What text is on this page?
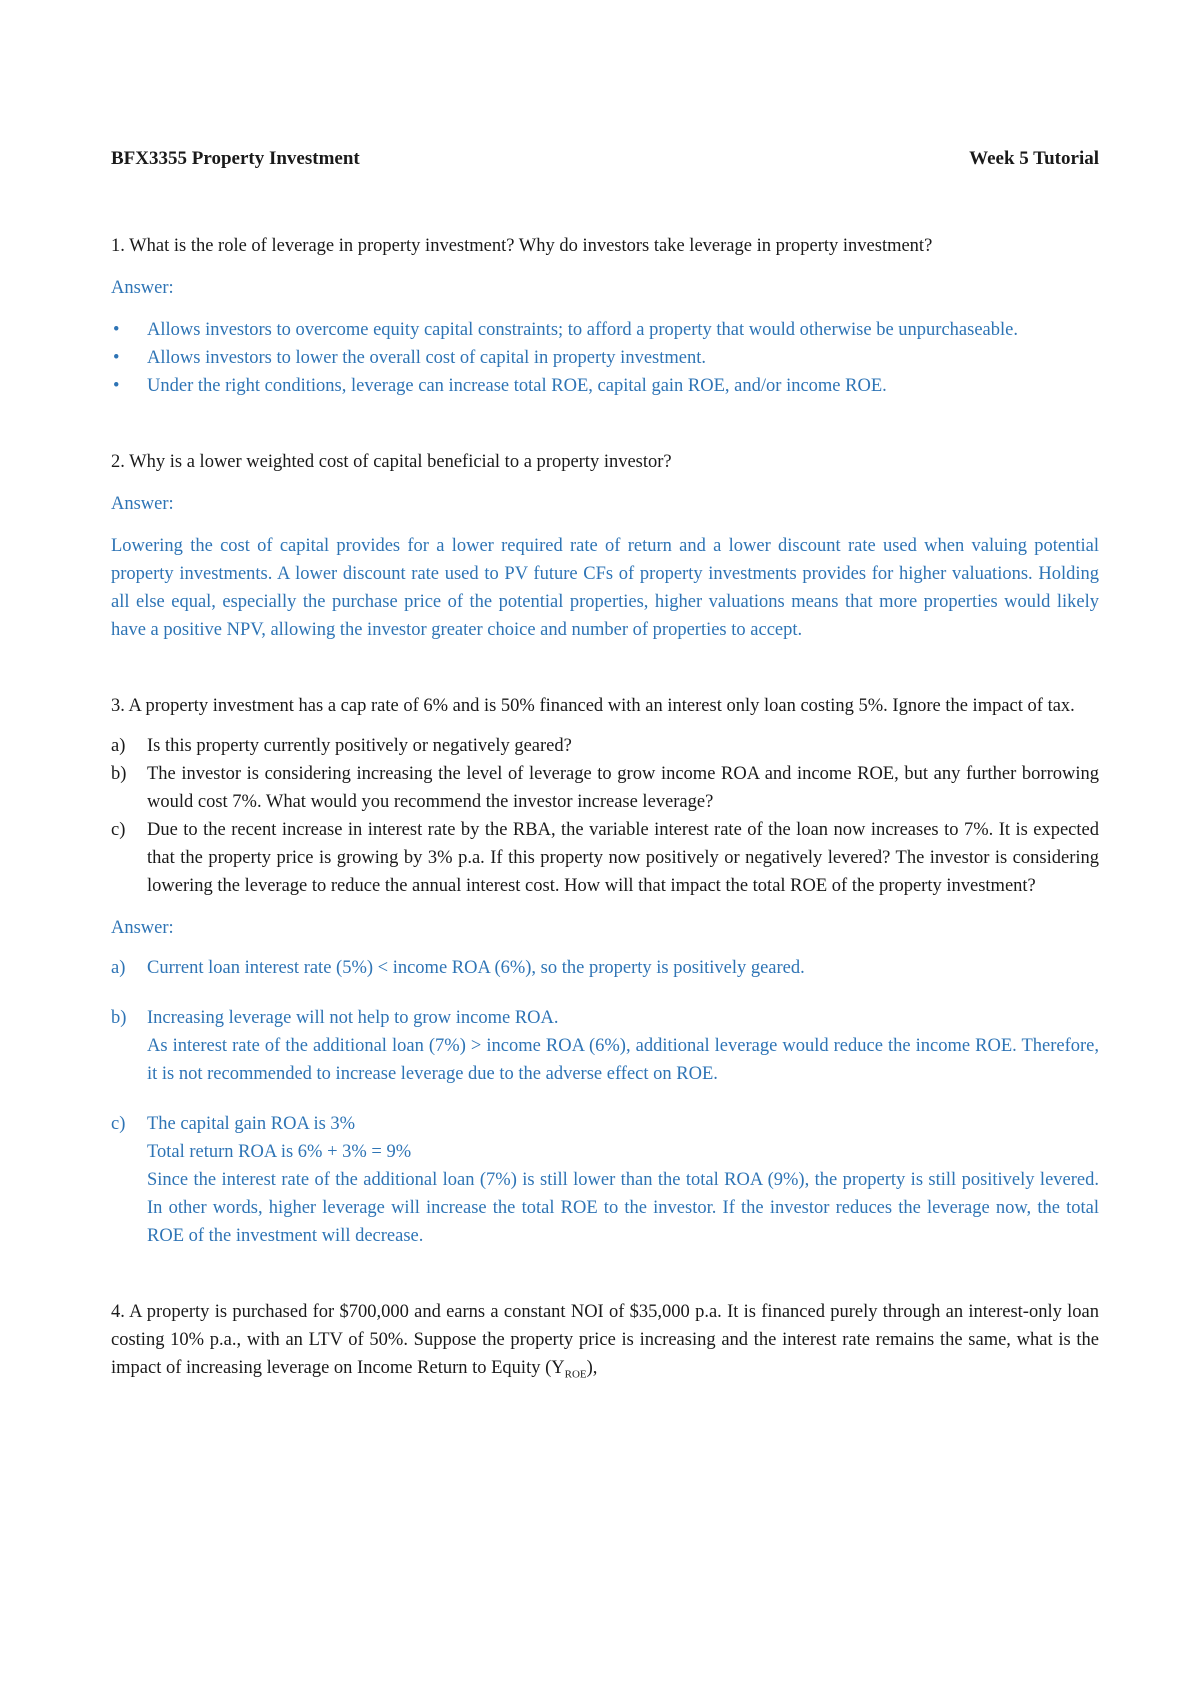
BFX3355 Property Investment	Week 5 Tutorial

1. What is the role of leverage in property investment? Why do investors take leverage in property investment?

Answer:

• Allows investors to overcome equity capital constraints; to afford a property that would otherwise be unpurchaseable.
• Allows investors to lower the overall cost of capital in property investment.
• Under the right conditions, leverage can increase total ROE, capital gain ROE, and/or income ROE.

2. Why is a lower weighted cost of capital beneficial to a property investor?

Answer:

Lowering the cost of capital provides for a lower required rate of return and a lower discount rate used when valuing potential property investments. A lower discount rate used to PV future CFs of property investments provides for higher valuations. Holding all else equal, especially the purchase price of the potential properties, higher valuations means that more properties would likely have a positive NPV, allowing the investor greater choice and number of properties to accept.

3. A property investment has a cap rate of 6% and is 50% financed with an interest only loan costing 5%. Ignore the impact of tax.

a) Is this property currently positively or negatively geared?
b) The investor is considering increasing the level of leverage to grow income ROA and income ROE, but any further borrowing would cost 7%. What would you recommend the investor increase leverage?
c) Due to the recent increase in interest rate by the RBA, the variable interest rate of the loan now increases to 7%. It is expected that the property price is growing by 3% p.a. If this property now positively or negatively levered? The investor is considering lowering the leverage to reduce the annual interest cost. How will that impact the total ROE of the property investment?

Answer:

a) Current loan interest rate (5%) < income ROA (6%), so the property is positively geared.
b) Increasing leverage will not help to grow income ROA.
As interest rate of the additional loan (7%) > income ROA (6%), additional leverage would reduce the income ROE. Therefore, it is not recommended to increase leverage due to the adverse effect on ROE.
c) The capital gain ROA is 3%
Total return ROA is 6% + 3% = 9%
Since the interest rate of the additional loan (7%) is still lower than the total ROA (9%), the property is still positively levered. In other words, higher leverage will increase the total ROE to the investor. If the investor reduces the leverage now, the total ROE of the investment will decrease.

4. A property is purchased for $700,000 and earns a constant NOI of $35,000 p.a. It is financed purely through an interest-only loan costing 10% p.a., with an LTV of 50%. Suppose the property price is increasing and the interest rate remains the same, what is the impact of increasing leverage on Income Return to Equity $(Y_{ROE})$,
